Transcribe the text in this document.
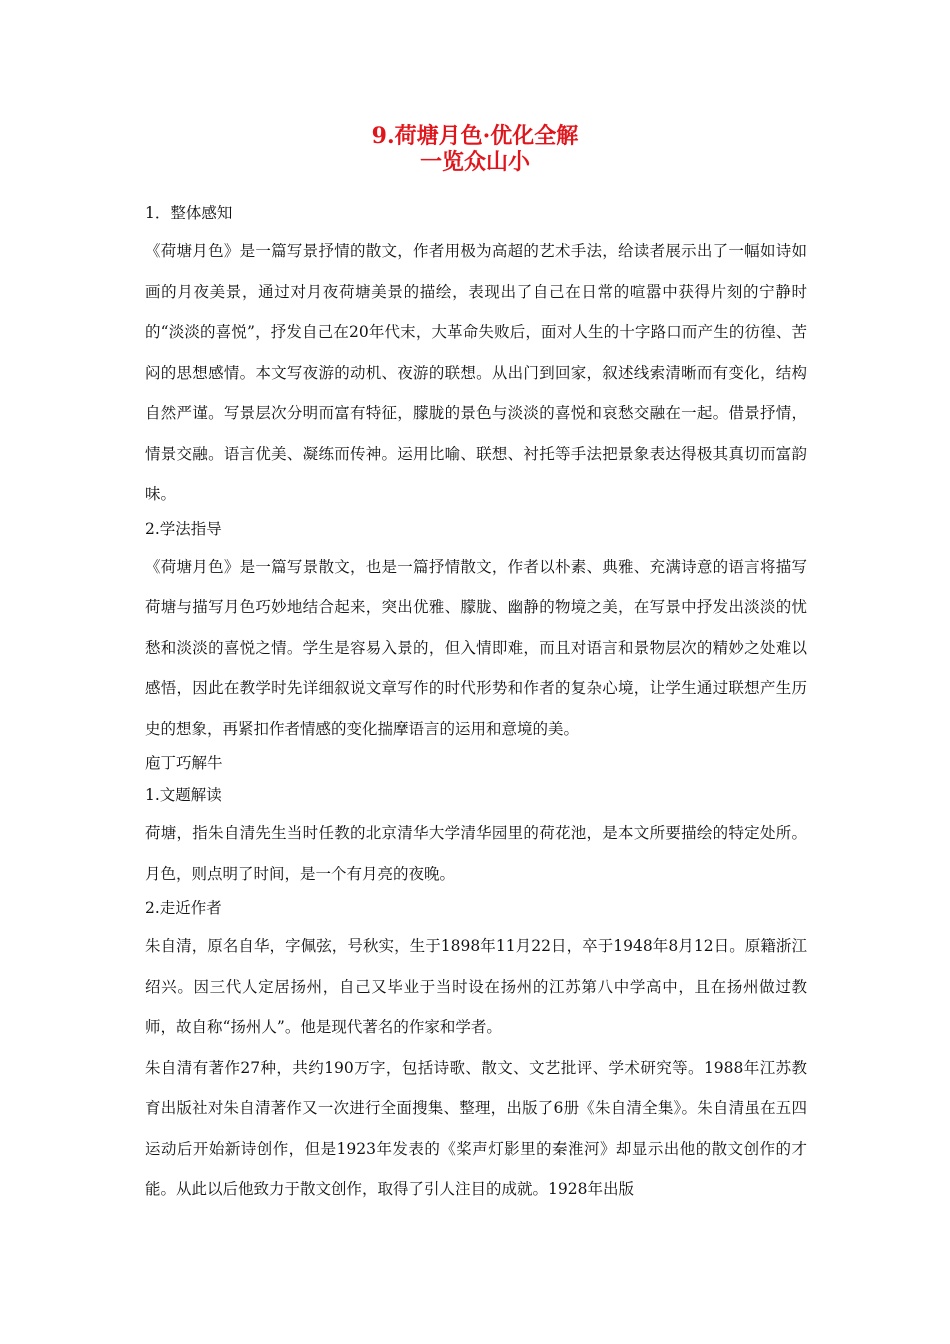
9.荷塘月色·优化全解
一览众山小
1．整体感知

《荷塘月色》是一篇写景抒情的散文，作者用极为高超的艺术手法，给读者展示出了一幅如诗如画的月夜美景，通过对月夜荷塘美景的描绘，表现出了自己在日常的喧嚣中获得片刻的宁静时的“淡淡的喜悦”，抒发自己在20年代末，大革命失败后，面对人生的十字路口而产生的彷徨、苦闷的思想感情。本文写夜游的动机、夜游的联想。从出门到回家，叙述线索清晰而有变化，结构自然严谨。写景层次分明而富有特征，朦胧的景色与淡淡的喜悦和哀愁交融在一起。借景抒情，情景交融。语言优美、凝练而传神。运用比喻、联想、衬托等手法把景象表达得极其真切而富韵味。

2.学法指导

《荷塘月色》是一篇写景散文，也是一篇抒情散文，作者以朴素、典雅、充满诗意的语言将描写荷塘与描写月色巧妙地结合起来，突出优雅、朦胧、幽静的物境之美，在写景中抒发出淡淡的忧愁和淡淡的喜悦之情。学生是容易入景的，但入情即难，而且对语言和景物层次的精妙之处难以感悟，因此在教学时先详细叙说文章写作的时代形势和作者的复杂心境，让学生通过联想产生历史的想象，再紧扣作者情感的变化揣摩语言的运用和意境的美。

庖丁巧解牛
1.文题解读

荷塘，指朱自清先生当时任教的北京清华大学清华园里的荷花池，是本文所要描绘的特定处所。月色，则点明了时间，是一个有月亮的夜晚。

2.走近作者

朱自清，原名自华，字佩弦，号秋实，生于1898年11月22日，卒于1948年8月12日。原籍浙江绍兴。因三代人定居扬州，自己又毕业于当时设在扬州的江苏第八中学高中，且在扬州做过教师，故自称“扬州人”。他是现代著名的作家和学者。

朱自清有著作27种，共约190万字，包括诗歌、散文、文艺批评、学术研究等。1988年江苏教育出版社对朱自清著作又一次进行全面搜集、整理，出版了6册《朱自清全集》。朱自清虽在五四运动后开始新诗创作，但是1923年发表的《桨声灯影里的秦淮河》却显示出他的散文创作的才能。从此以后他致力于散文创作，取得了引人注目的成就。1928年出版
